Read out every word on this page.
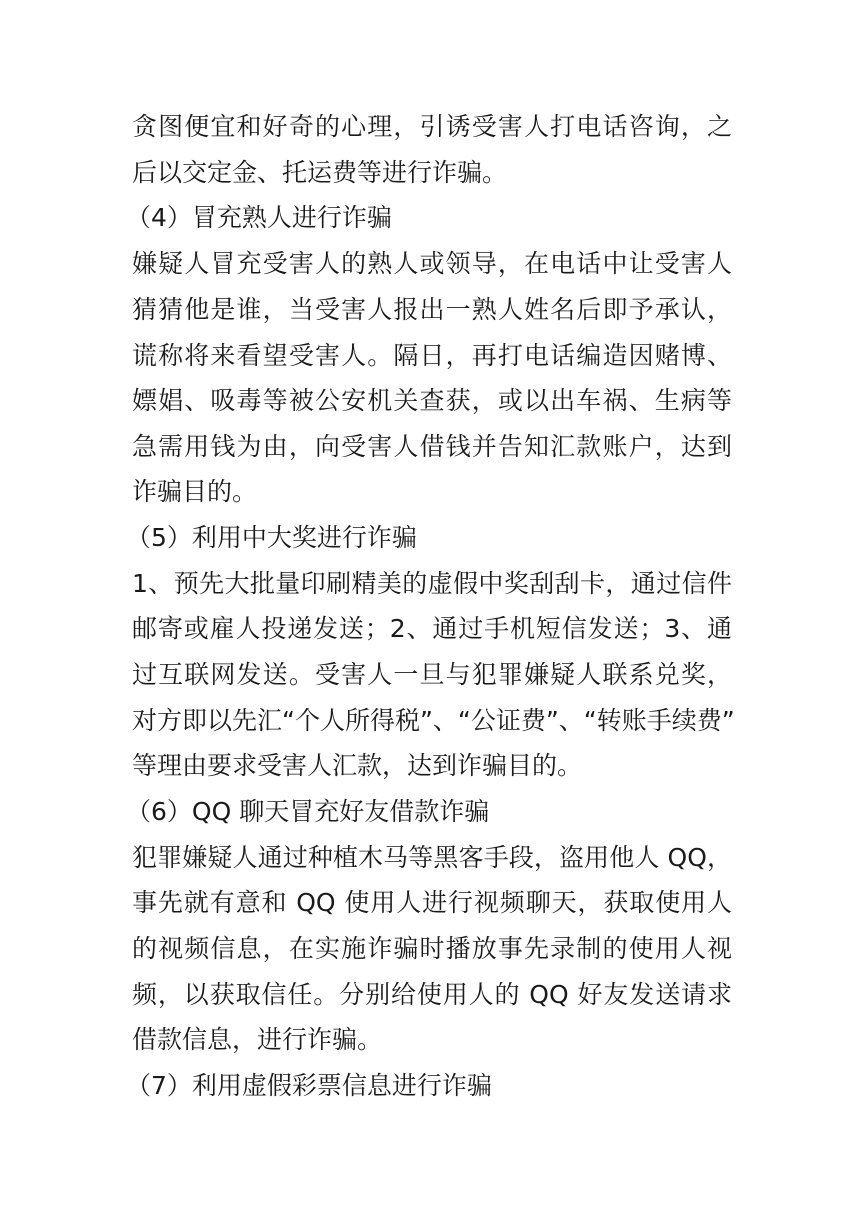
贪图便宜和好奇的心理，引诱受害人打电话咨询，之
后以交定金、托运费等进行诈骗。
（4）冒充熟人进行诈骗
嫌疑人冒充受害人的熟人或领导，在电话中让受害人
猜猜他是谁，当受害人报出一熟人姓名后即予承认，
谎称将来看望受害人。隔日，再打电话编造因赌博、
嫖娼、吸毒等被公安机关查获，或以出车祸、生病等
急需用钱为由，向受害人借钱并告知汇款账户，达到
诈骗目的。
（5）利用中大奖进行诈骗
1、预先大批量印刷精美的虚假中奖刮刮卡，通过信件
邮寄或雇人投递发送；2、通过手机短信发送；3、通
过互联网发送。受害人一旦与犯罪嫌疑人联系兑奖，
对方即以先汇“个人所得税”、“公证费”、“转账手续费”
等理由要求受害人汇款，达到诈骗目的。
（6）QQ 聊天冒充好友借款诈骗
犯罪嫌疑人通过种植木马等黑客手段，盗用他人 QQ，
事先就有意和 QQ 使用人进行视频聊天，获取使用人
的视频信息，在实施诈骗时播放事先录制的使用人视
频，以获取信任。分别给使用人的 QQ 好友发送请求
借款信息，进行诈骗。
（7）利用虚假彩票信息进行诈骗
